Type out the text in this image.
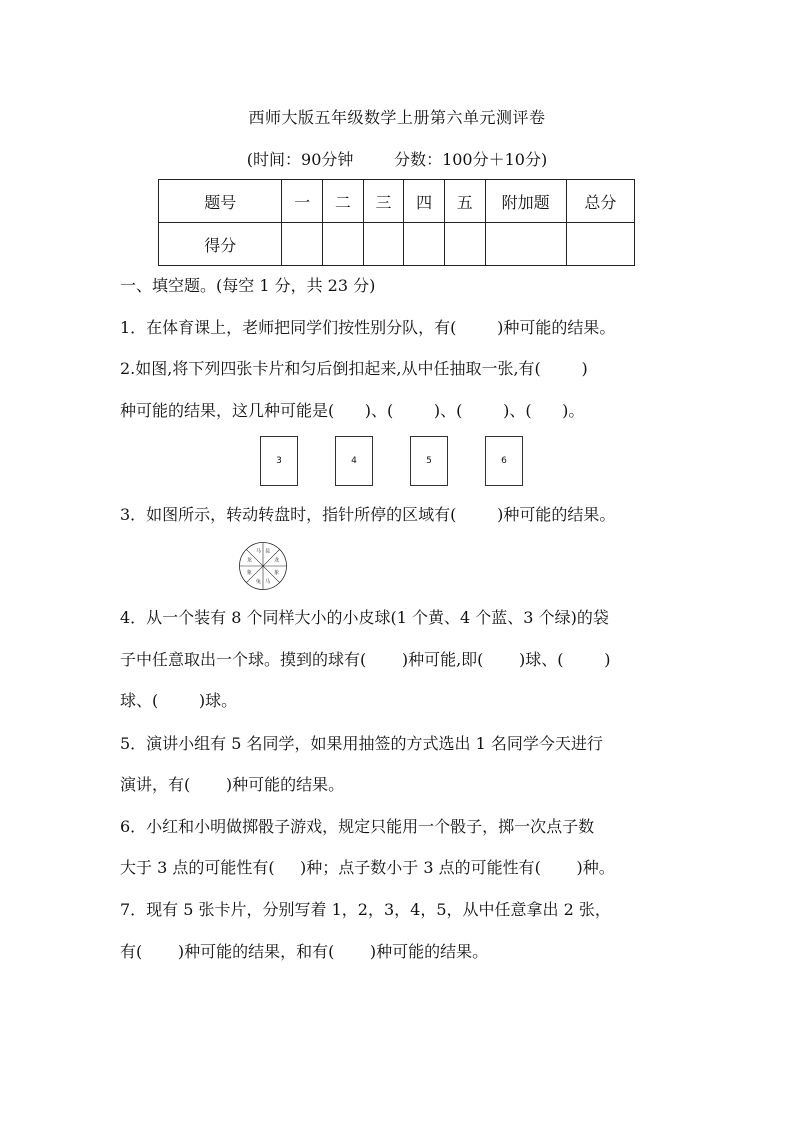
西师大版五年级数学上册第六单元测评卷
(时间：90分钟        分数：100分＋10分)
题号	一	二	三	四	五	附加题	总分
得分							
一、填空题。(每空 1 分，共 23 分)
1．在体育课上，老师把同学们按性别分队，有(        )种可能的结果。
2.如图,将下列四张卡片和匀后倒扣起来,从中任抽取一张,有(        )
种可能的结果，这几种可能是(      )、(        )、(        )、(      )。
3	4	5	6
3．如图所示，转动转盘时，指针所停的区域有(        )种可能的结果。
昆
龙
象
马
兔
象
龙
马
4．从一个装有 8 个同样大小的小皮球(1 个黄、4 个蓝、3 个绿)的袋
子中任意取出一个球。摸到的球有(       )种可能,即(       )球、(        )
球、(        )球。
5．演讲小组有 5 名同学，如果用抽签的方式选出 1 名同学今天进行
演讲，有(       )种可能的结果。
6．小红和小明做掷骰子游戏，规定只能用一个骰子，掷一次点子数
大于 3 点的可能性有(     )种；点子数小于 3 点的可能性有(       )种。
7．现有 5 张卡片，分别写着 1，2，3，4，5，从中任意拿出 2 张，
有(       )种可能的结果，和有(       )种可能的结果。
